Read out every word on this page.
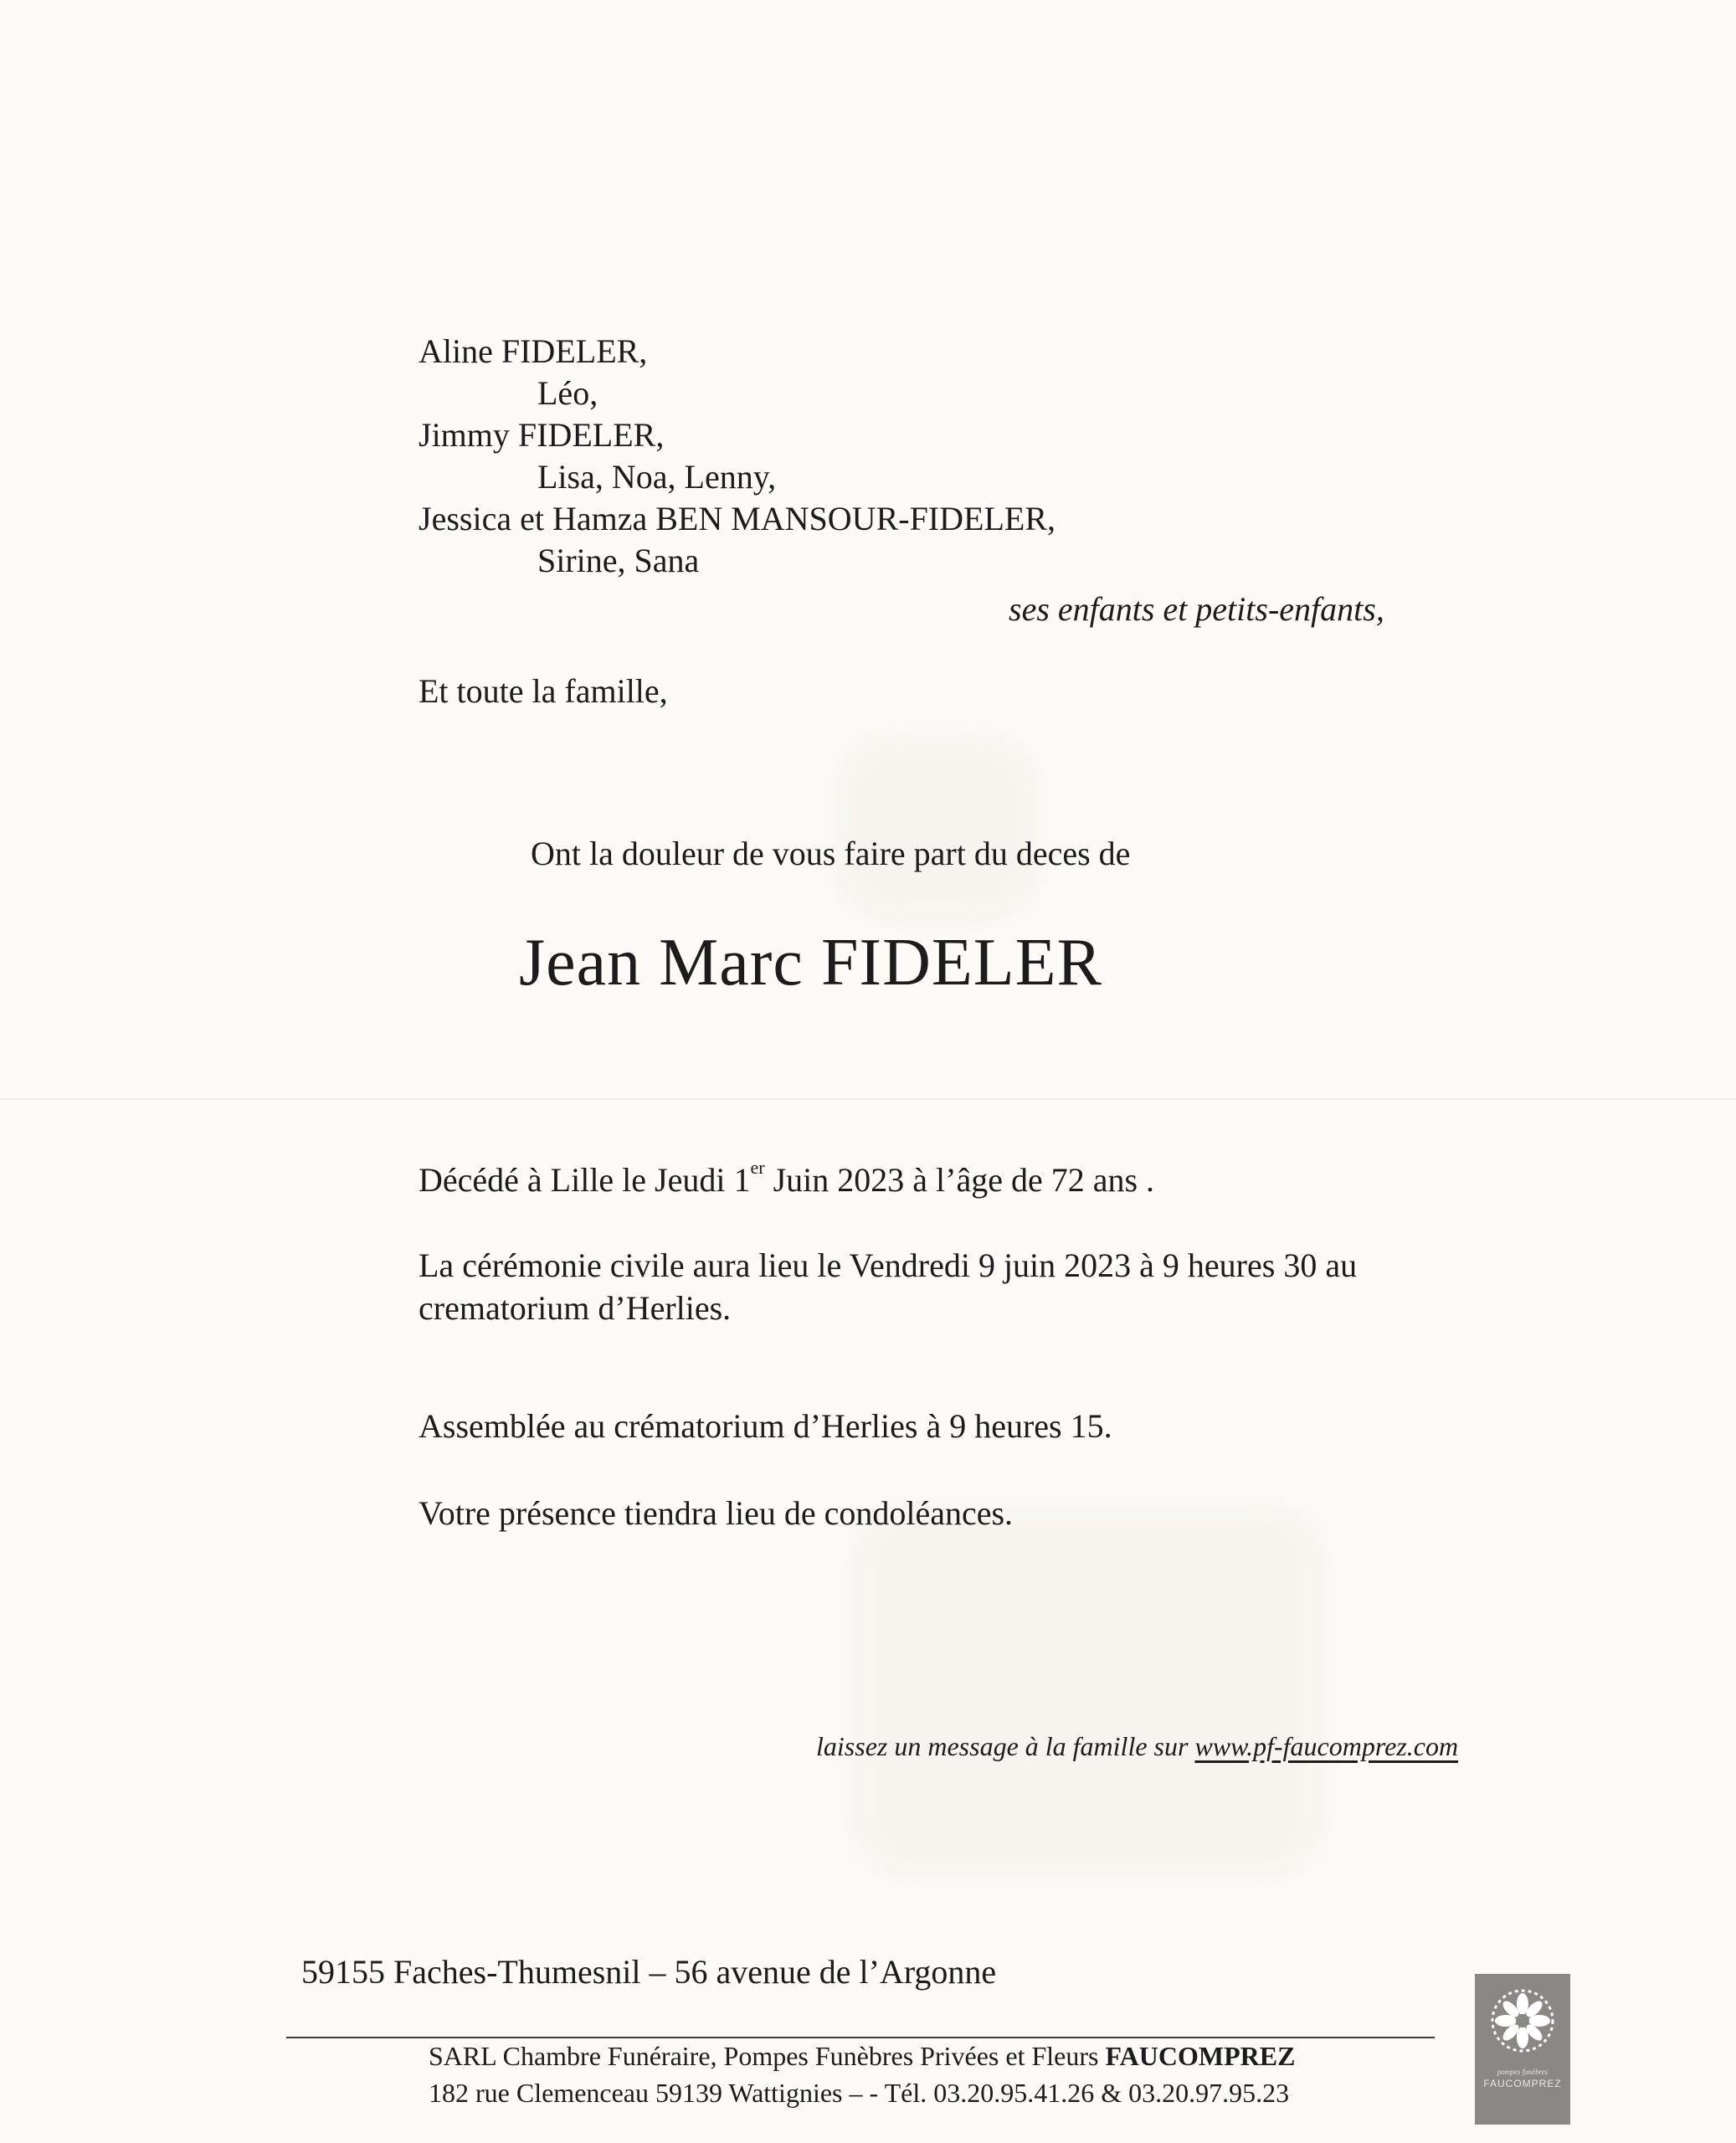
Aline FIDELER,
Léo,
Jimmy FIDELER,
Lisa, Noa, Lenny,
Jessica et Hamza BEN MANSOUR-FIDELER,
Sirine, Sana
ses enfants et petits-enfants,
Et toute la famille,
Ont la douleur de vous faire part du deces de
Jean Marc FIDELER
Décédé à Lille le Jeudi 1er Juin 2023 à l’âge de 72 ans .
La cérémonie civile aura lieu le Vendredi 9 juin 2023 à 9 heures 30 au
crematorium d’Herlies.
Assemblée au crématorium d’Herlies à 9 heures 15.
Votre présence tiendra lieu de condoléances.
laissez un message à la famille sur www.pf-faucomprez.com
59155 Faches-Thumesnil – 56 avenue de l’Argonne
SARL Chambre Funéraire, Pompes Funèbres Privées et Fleurs FAUCOMPREZ
182 rue Clemenceau 59139 Wattignies – - Tél. 03.20.95.41.26 & 03.20.97.95.23
pompes funèbres
FAUCOMPREZ
